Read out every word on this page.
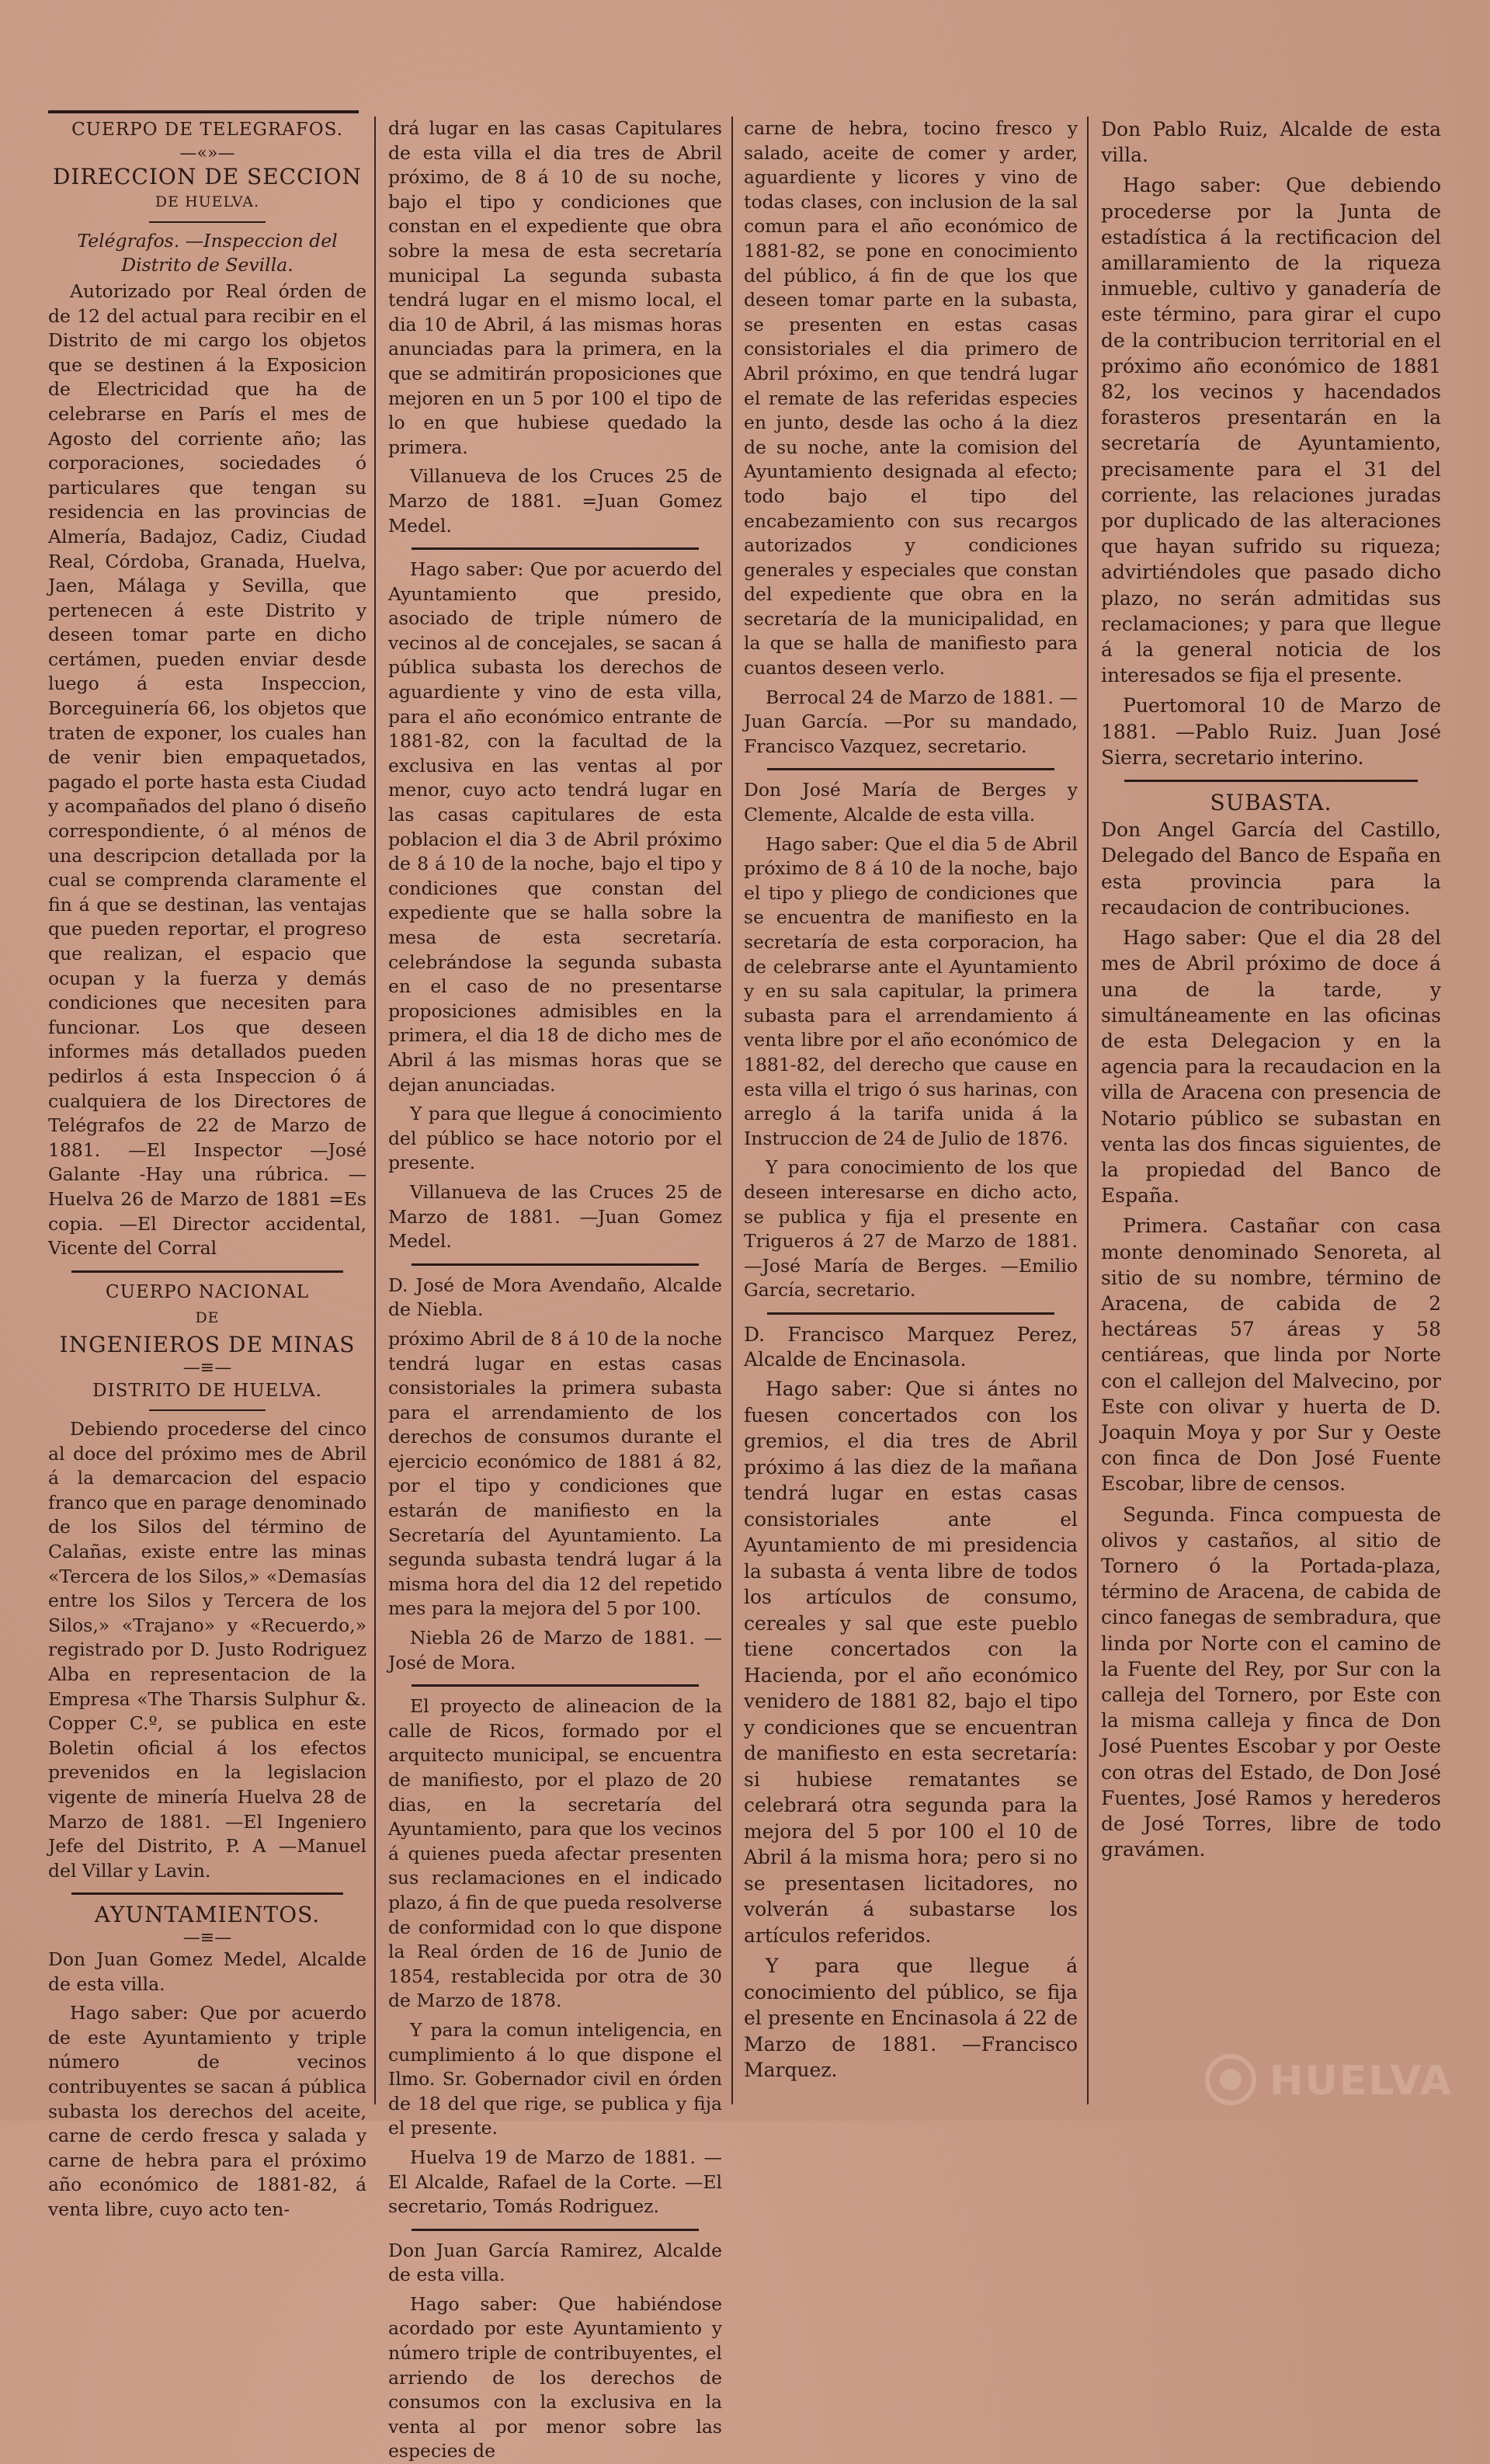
CUERPO DE TELEGRAFOS.

—«»—

DIRECCION DE SECCION

DE HUELVA.

Telégrafos. —Inspeccion del Distrito de Sevilla.

Autorizado por Real órden de de 12 del actual para recibir en el Distrito de mi cargo los objetos que se destinen á la Exposicion de Electricidad que ha de celebrarse en París el mes de Agosto del corriente año; las corporaciones, sociedades ó particulares que tengan su residencia en las provincias de Almería, Badajoz, Cadiz, Ciudad Real, Córdoba, Granada, Huelva, Jaen, Málaga y Sevilla, que pertenecen á este Distrito y deseen tomar parte en dicho certámen, pueden enviar desde luego á esta Inspeccion, Borceguinería 66, los objetos que traten de exponer, los cuales han de venir bien empaquetados, pagado el porte hasta esta Ciudad y acompañados del plano ó diseño correspondiente, ó al ménos de una descripcion detallada por la cual se comprenda claramente el fin á que se destinan, las ventajas que pueden reportar, el progreso que realizan, el espacio que ocupan y la fuerza y demás condiciones que necesiten para funcionar. Los que deseen informes más detallados pueden pedirlos á esta Inspeccion ó á cualquiera de los Directores de Telégrafos de 22 de Marzo de 1881. —El Inspector —José Galante -Hay una rúbrica. —Huelva 26 de Marzo de 1881 =Es copia. —El Director accidental, Vicente del Corral

CUERPO NACIONAL

DE

INGENIEROS DE MINAS

—≡—

DISTRITO DE HUELVA.

Debiendo procederse del cinco al doce del próximo mes de Abril á la demarcacion del espacio franco que en parage denominado de los Silos del término de Calañas, existe entre las minas «Tercera de los Silos,» «Demasías entre los Silos y Tercera de los Silos,» «Trajano» y «Recuerdo,» registrado por D. Justo Rodriguez Alba en representacion de la Empresa «The Tharsis Sulphur &. Copper C.º, se publica en este Boletin oficial á los efectos prevenidos en la legislacion vigente de minería Huelva 28 de Marzo de 1881. —El Ingeniero Jefe del Distrito, P. A —Manuel del Villar y Lavin.

AYUNTAMIENTOS.

—≡—

Don Juan Gomez Medel, Alcalde de esta villa.

Hago saber: Que por acuerdo de este Ayuntamiento y triple número de vecinos contribuyentes se sacan á pública subasta los derechos del aceite, carne de cerdo fresca y salada y carne de hebra para el próximo año económico de 1881-82, á venta libre, cuyo acto ten-

drá lugar en las casas Capitulares de esta villa el dia tres de Abril próximo, de 8 á 10 de su noche, bajo el tipo y condiciones que constan en el expediente que obra sobre la mesa de esta secretaría municipal La segunda subasta tendrá lugar en el mismo local, el dia 10 de Abril, á las mismas horas anunciadas para la primera, en la que se admitirán proposiciones que mejoren en un 5 por 100 el tipo de lo en que hubiese quedado la primera.

Villanueva de los Cruces 25 de Marzo de 1881. =Juan Gomez Medel.

Hago saber: Que por acuerdo del Ayuntamiento que presido, asociado de triple número de vecinos al de concejales, se sacan á pública subasta los derechos de aguardiente y vino de esta villa, para el año económico entrante de 1881-82, con la facultad de la exclusiva en las ventas al por menor, cuyo acto tendrá lugar en las casas capitulares de esta poblacion el dia 3 de Abril próximo de 8 á 10 de la noche, bajo el tipo y condiciones que constan del expediente que se halla sobre la mesa de esta secretaría. celebrándose la segunda subasta en el caso de no presentarse proposiciones admisibles en la primera, el dia 18 de dicho mes de Abril á las mismas horas que se dejan anunciadas.

Y para que llegue á conocimiento del público se hace notorio por el presente.

Villanueva de las Cruces 25 de Marzo de 1881. —Juan Gomez Medel.

D. José de Mora Avendaño, Alcalde de Niebla.

próximo Abril de 8 á 10 de la noche tendrá lugar en estas casas consistoriales la primera subasta para el arrendamiento de los derechos de consumos durante el ejercicio económico de 1881 á 82, por el tipo y condiciones que estarán de manifiesto en la Secretaría del Ayuntamiento. La segunda subasta tendrá lugar á la misma hora del dia 12 del repetido mes para la mejora del 5 por 100.

Niebla 26 de Marzo de 1881. —José de Mora.

El proyecto de alineacion de la calle de Ricos, formado por el arquitecto municipal, se encuentra de manifiesto, por el plazo de 20 dias, en la secretaría del Ayuntamiento, para que los vecinos á quienes pueda afectar presenten sus reclamaciones en el indicado plazo, á fin de que pueda resolverse de conformidad con lo que dispone la Real órden de 16 de Junio de 1854, restablecida por otra de 30 de Marzo de 1878.

Y para la comun inteligencia, en cumplimiento á lo que dispone el Ilmo. Sr. Gobernador civil en órden de 18 del que rige, se publica y fija el presente.

Huelva 19 de Marzo de 1881. —El Alcalde, Rafael de la Corte. —El secretario, Tomás Rodriguez.

Don Juan García Ramirez, Alcalde de esta villa.

Hago saber: Que habiéndose acordado por este Ayuntamiento y número triple de contribuyentes, el arriendo de los derechos de consumos con la exclusiva en la venta al por menor sobre las especies de

carne de hebra, tocino fresco y salado, aceite de comer y arder, aguardiente y licores y vino de todas clases, con inclusion de la sal comun para el año económico de 1881-82, se pone en conocimiento del público, á fin de que los que deseen tomar parte en la subasta, se presenten en estas casas consistoriales el dia primero de Abril próximo, en que tendrá lugar el remate de las referidas especies en junto, desde las ocho á la diez de su noche, ante la comision del Ayuntamiento designada al efecto; todo bajo el tipo del encabezamiento con sus recargos autorizados y condiciones generales y especiales que constan del expediente que obra en la secretaría de la municipalidad, en la que se halla de manifiesto para cuantos deseen verlo.

Berrocal 24 de Marzo de 1881. —Juan García. —Por su mandado, Francisco Vazquez, secretario.

Don José María de Berges y Clemente, Alcalde de esta villa.

Hago saber: Que el dia 5 de Abril próximo de 8 á 10 de la noche, bajo el tipo y pliego de condiciones que se encuentra de manifiesto en la secretaría de esta corporacion, ha de celebrarse ante el Ayuntamiento y en su sala capitular, la primera subasta para el arrendamiento á venta libre por el año económico de 1881-82, del derecho que cause en esta villa el trigo ó sus harinas, con arreglo á la tarifa unida á la Instruccion de 24 de Julio de 1876.

Y para conocimiento de los que deseen interesarse en dicho acto, se publica y fija el presente en Trigueros á 27 de Marzo de 1881. —José María de Berges. —Emilio García, secretario.

D. Francisco Marquez Perez, Alcalde de Encinasola.

Hago saber: Que si ántes no fuesen concertados con los gremios, el dia tres de Abril próximo á las diez de la mañana tendrá lugar en estas casas consistoriales ante el Ayuntamiento de mi presidencia la subasta á venta libre de todos los artículos de consumo, cereales y sal que este pueblo tiene concertados con la Hacienda, por el año económico venidero de 1881 82, bajo el tipo y condiciones que se encuentran de manifiesto en esta secretaría: si hubiese rematantes se celebrará otra segunda para la mejora del 5 por 100 el 10 de Abril á la misma hora; pero si no se presentasen licitadores, no volverán á subastarse los artículos referidos.

Y para que llegue á conocimiento del público, se fija el presente en Encinasola á 22 de Marzo de 1881. —Francisco Marquez.

Don Pablo Ruiz, Alcalde de esta villa.

Hago saber: Que debiendo procederse por la Junta de estadística á la rectificacion del amillaramiento de la riqueza inmueble, cultivo y ganadería de este término, para girar el cupo de la contribucion territorial en el próximo año económico de 1881 82, los vecinos y hacendados forasteros presentarán en la secretaría de Ayuntamiento, precisamente para el 31 del corriente, las relaciones juradas por duplicado de las alteraciones que hayan sufrido su riqueza; advirtiéndoles que pasado dicho plazo, no serán admitidas sus reclamaciones; y para que llegue á la general noticia de los interesados se fija el presente.

Puertomoral 10 de Marzo de 1881. —Pablo Ruiz. Juan José Sierra, secretario interino.

SUBASTA.

Don Angel García del Castillo, Delegado del Banco de España en esta provincia para la recaudacion de contribuciones.

Hago saber: Que el dia 28 del mes de Abril próximo de doce á una de la tarde, y simultáneamente en las oficinas de esta Delegacion y en la agencia para la recaudacion en la villa de Aracena con presencia de Notario público se subastan en venta las dos fincas siguientes, de la propiedad del Banco de España.

Primera. Castañar con casa monte denominado Senoreta, al sitio de su nombre, término de Aracena, de cabida de 2 hectáreas 57 áreas y 58 centiáreas, que linda por Norte con el callejon del Malvecino, por Este con olivar y huerta de D. Joaquin Moya y por Sur y Oeste con finca de Don José Fuente Escobar, libre de censos.

Segunda. Finca compuesta de olivos y castaños, al sitio de Tornero ó la Portada-plaza, término de Aracena, de cabida de cinco fanegas de sembradura, que linda por Norte con el camino de la Fuente del Rey, por Sur con la calleja del Tornero, por Este con la misma calleja y finca de Don José Puentes Escobar y por Oeste con otras del Estado, de Don José Fuentes, José Ramos y herederos de José Torres, libre de todo gravámen.

HUELVA
